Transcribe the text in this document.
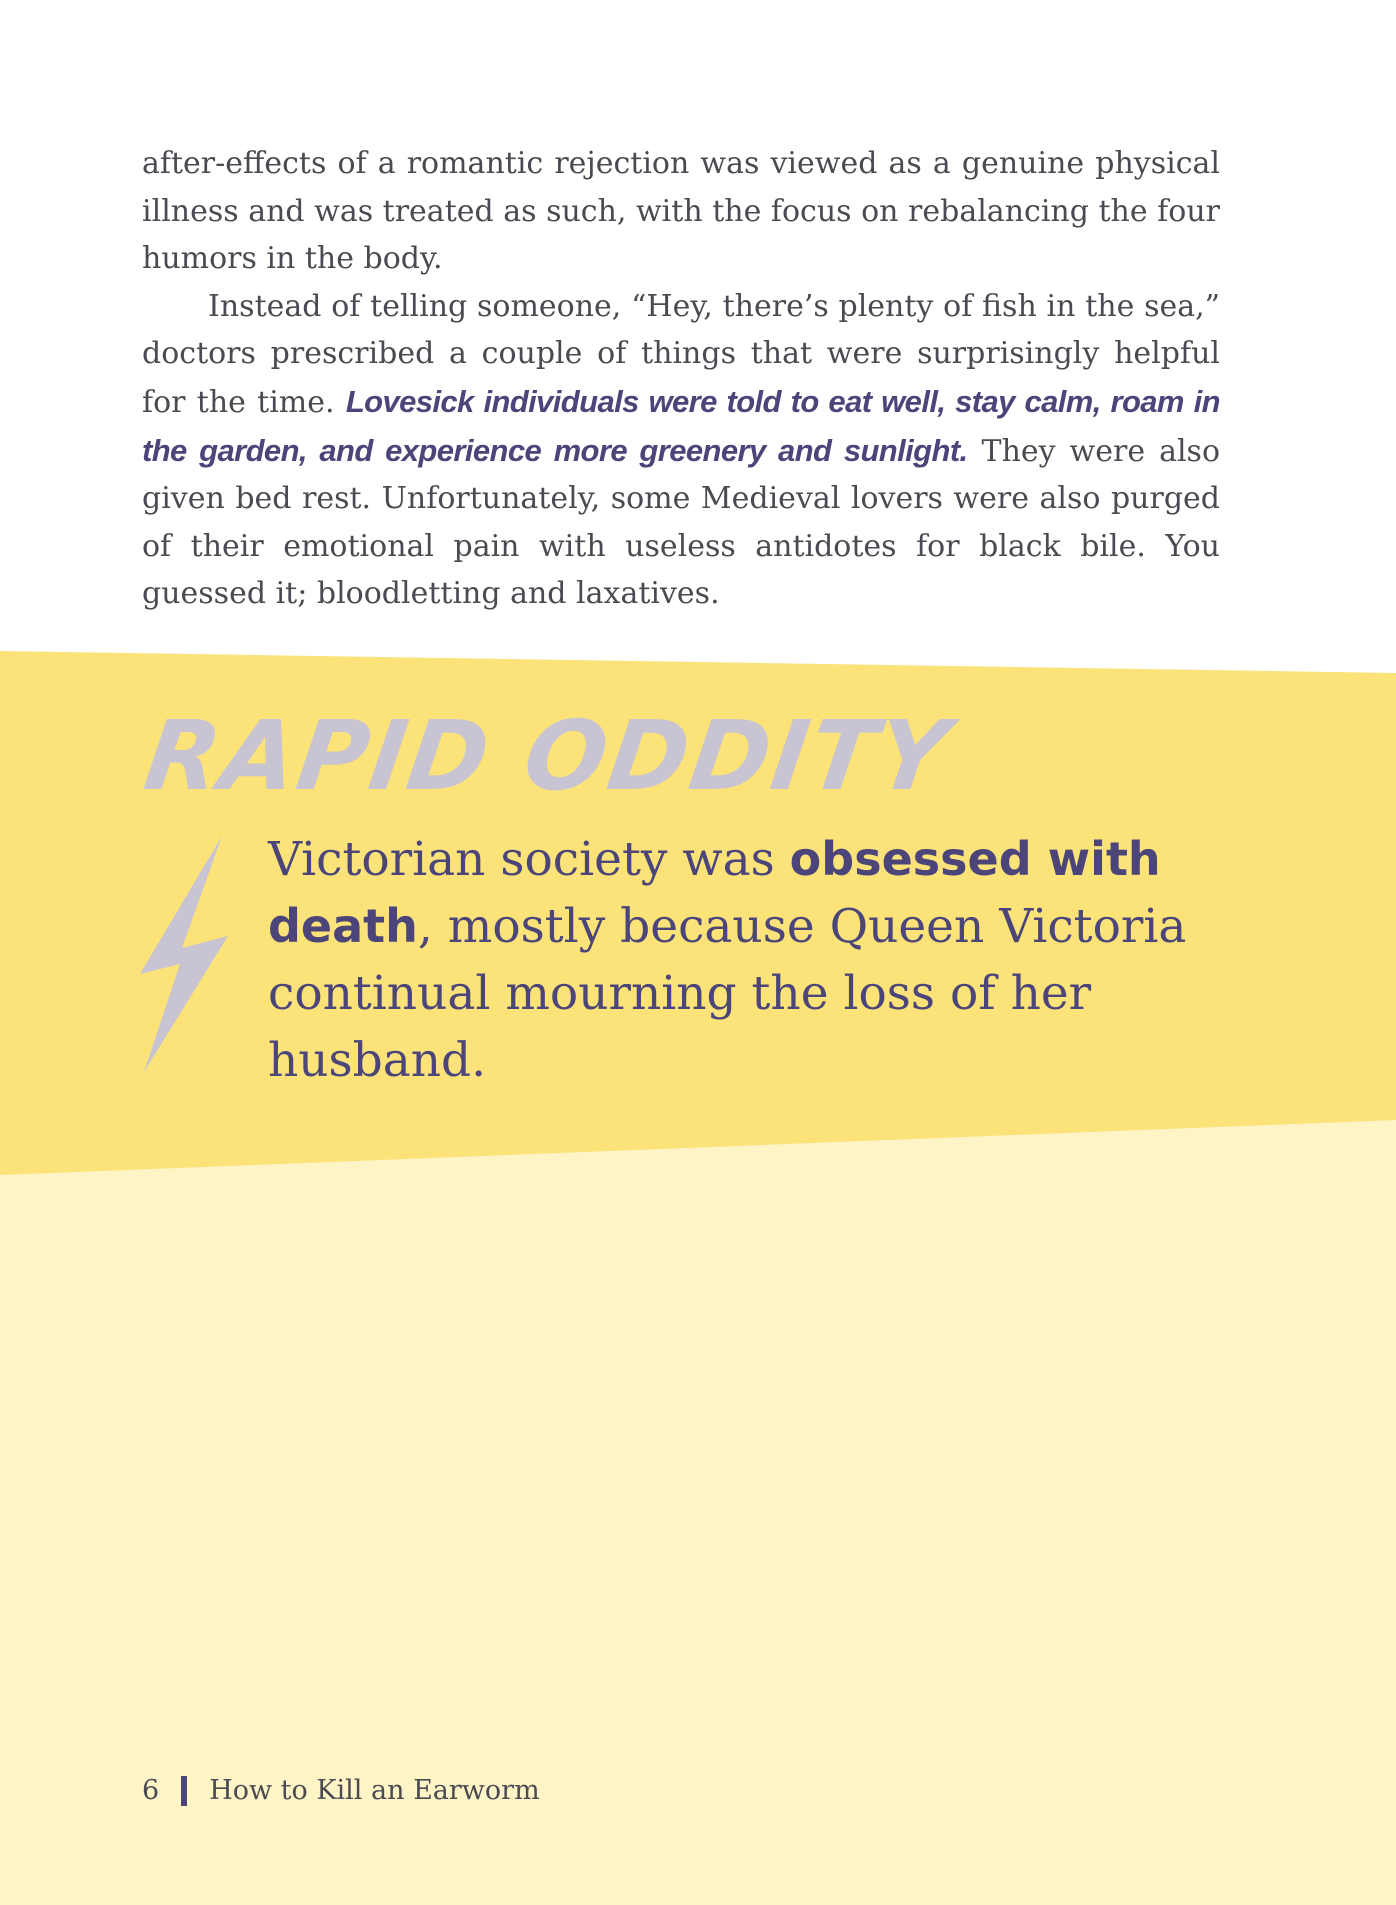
after-effects of a romantic rejection was viewed as a genuine physical illness and was treated as such, with the focus on rebalancing the four humors in the body.

Instead of telling someone, “Hey, there’s plenty of fish in the sea,” doctors prescribed a couple of things that were surprisingly helpful for the time. Lovesick individuals were told to eat well, stay calm, roam in the garden, and experience more greenery and sunlight. They were also given bed rest. Unfortunately, some Medieval lovers were also purged of their emotional pain with useless antidotes for black bile. You guessed it; bloodletting and laxatives.

RAPID ODDITY
Victorian society was obsessed with death, mostly because Queen Victoria continual mourning the loss of her husband.
6 How to Kill an Earworm
